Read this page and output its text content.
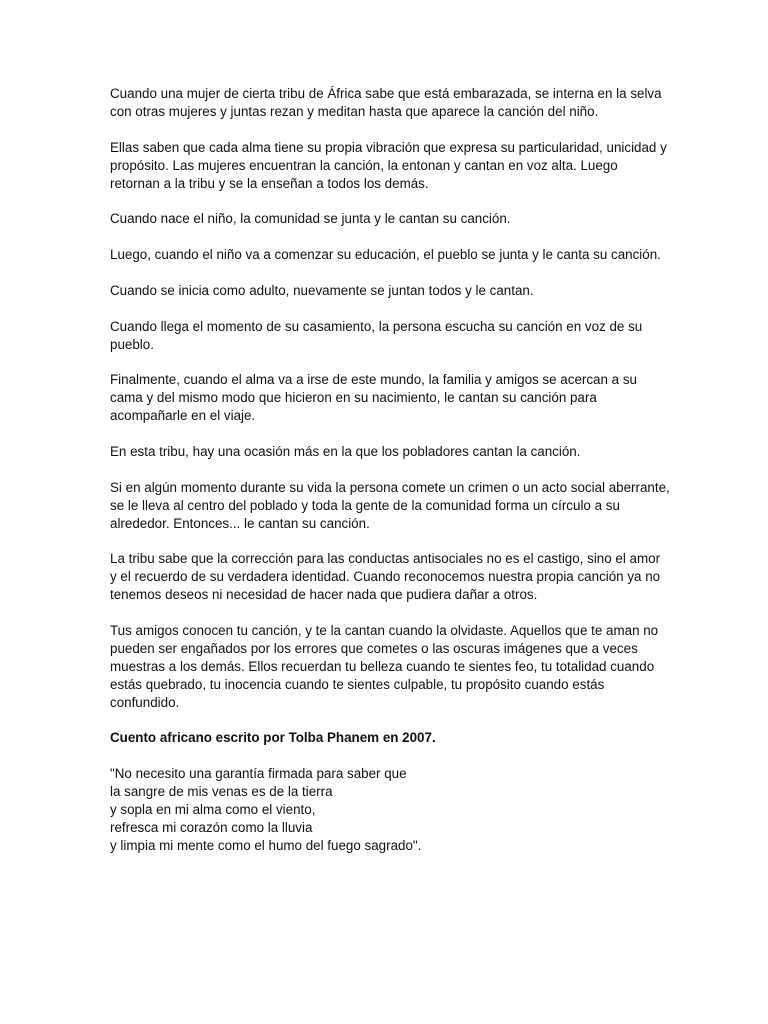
Cuando una mujer de cierta tribu de África sabe que está embarazada, se interna en la selva con otras mujeres y juntas rezan y meditan hasta que aparece la canción del niño.

Ellas saben que cada alma tiene su propia vibración que expresa su particularidad, unicidad y propósito. Las mujeres encuentran la canción, la entonan y cantan en voz alta. Luego retornan a la tribu y se la enseñan a todos los demás.

Cuando nace el niño, la comunidad se junta y le cantan su canción.

Luego, cuando el niño va a comenzar su educación, el pueblo se junta y le canta su canción.

Cuando se inicia como adulto, nuevamente se juntan todos y le cantan.

Cuando llega el momento de su casamiento, la persona escucha su canción en voz de su pueblo.

Finalmente, cuando el alma va a irse de este mundo, la familia y amigos se acercan a su cama y del mismo modo que hicieron en su nacimiento, le cantan su canción para acompañarle en el viaje.

En esta tribu, hay una ocasión más en la que los pobladores cantan la canción.

Si en algún momento durante su vida la persona comete un crimen o un acto social aberrante, se le lleva al centro del poblado y toda la gente de la comunidad forma un círculo a su alrededor. Entonces... le cantan su canción.

La tribu sabe que la corrección para las conductas antisociales no es el castigo, sino el amor y el recuerdo de su verdadera identidad. Cuando reconocemos nuestra propia canción ya no tenemos deseos ni necesidad de hacer nada que pudiera dañar a otros.

Tus amigos conocen tu canción, y te la cantan cuando la olvidaste. Aquellos que te aman no pueden ser engañados por los errores que cometes o las oscuras imágenes que a veces muestras a los demás. Ellos recuerdan tu belleza cuando te sientes feo, tu totalidad cuando estás quebrado, tu inocencia cuando te sientes culpable, tu propósito cuando estás confundido.

Cuento africano escrito por Tolba Phanem en 2007.

"No necesito una garantía firmada para saber que
la sangre de mis venas es de la tierra
y sopla en mi alma como el viento,
refresca mi corazón como la lluvia
y limpia mi mente como el humo del fuego sagrado".
